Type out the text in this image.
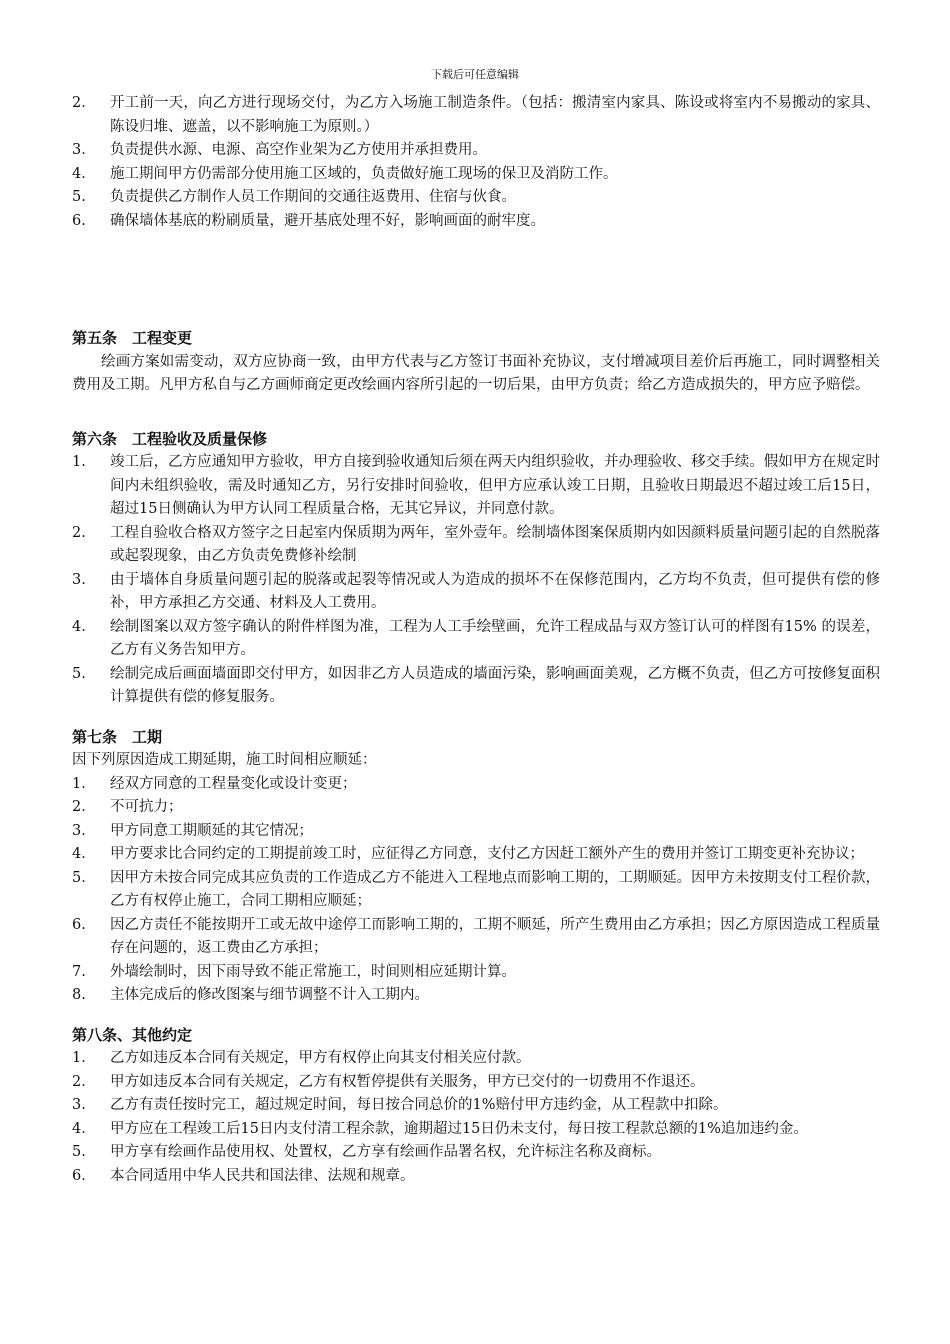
下载后可任意编辑
2． 开工前一天，向乙方进行现场交付，为乙方入场施工制造条件。（包括：搬清室内家具、陈设或将室内不易搬动的家具、陈设归堆、遮盖，以不影响施工为原则。）
3． 负责提供水源、电源、高空作业架为乙方使用并承担费用。
4． 施工期间甲方仍需部分使用施工区域的，负责做好施工现场的保卫及消防工作。
5.	负责提供乙方制作人员工作期间的交通往返费用、住宿与伙食。
6.	确保墙体基底的粉刷质量，避开基底处理不好，影响画面的耐牢度。
第五条　工程变更
绘画方案如需变动，双方应协商一致，由甲方代表与乙方签订书面补充协议，支付增减项目差价后再施工，同时调整相关费用及工期。凡甲方私自与乙方画师商定更改绘画内容所引起的一切后果，由甲方负责；给乙方造成损失的，甲方应予赔偿。
第六条　工程验收及质量保修
1.	竣工后，乙方应通知甲方验收，甲方自接到验收通知后须在两天内组织验收，并办理验收、移交手续。假如甲方在规定时间内未组织验收，需及时通知乙方，另行安排时间验收，但甲方应承认竣工日期，且验收日期最迟不超过竣工后15日，超过15日侧确认为甲方认同工程质量合格，无其它异议，并同意付款。
2.	工程自验收合格双方签字之日起室内保质期为两年，室外壹年。绘制墙体图案保质期内如因颜料质量问题引起的自然脱落或起裂现象，由乙方负责免费修补绘制
3.	由于墙体自身质量问题引起的脱落或起裂等情况或人为造成的损坏不在保修范围内，乙方均不负责，但可提供有偿的修补，甲方承担乙方交通、材料及人工费用。
4． 绘制图案以双方签字确认的附件样图为准，工程为人工手绘壁画，允许工程成品与双方签订认可的样图有15% 的误差，乙方有义务告知甲方。
5.	绘制完成后画面墙面即交付甲方，如因非乙方人员造成的墙面污染，影响画面美观，乙方概不负责，但乙方可按修复面积计算提供有偿的修复服务。
第七条　工期
因下列原因造成工期延期，施工时间相应顺延：
1． 经双方同意的工程量变化或设计变更；
2． 不可抗力；
3． 甲方同意工期顺延的其它情况；
4． 甲方要求比合同约定的工期提前竣工时，应征得乙方同意，支付乙方因赶工额外产生的费用并签订工期变更补充协议；
5． 因甲方未按合同完成其应负责的工作造成乙方不能进入工程地点而影响工期的，工期顺延。因甲方未按期支付工程价款，乙方有权停止施工，合同工期相应顺延；
6.	因乙方责任不能按期开工或无故中途停工而影响工期的，工期不顺延，所产生费用由乙方承担；因乙方原因造成工程质量存在问题的，返工费由乙方承担；
7.	外墙绘制时，因下雨导致不能正常施工，时间则相应延期计算。
8.	主体完成后的修改图案与细节调整不计入工期内。
第八条、其他约定
1． 乙方如违反本合同有关规定，甲方有权停止向其支付相关应付款。
2． 甲方如违反本合同有关规定，乙方有权暂停提供有关服务，甲方已交付的一切费用不作退还。
3.	乙方有责任按时完工，超过规定时间，每日按合同总价的1%赔付甲方违约金，从工程款中扣除。
4． 甲方应在工程竣工后15日内支付清工程余款，逾期超过15日仍未支付，每日按工程款总额的1%追加违约金。
5.	甲方享有绘画作品使用权、处置权，乙方享有绘画作品署名权，允许标注名称及商标。
6． 本合同适用中华人民共和国法律、法规和规章。
